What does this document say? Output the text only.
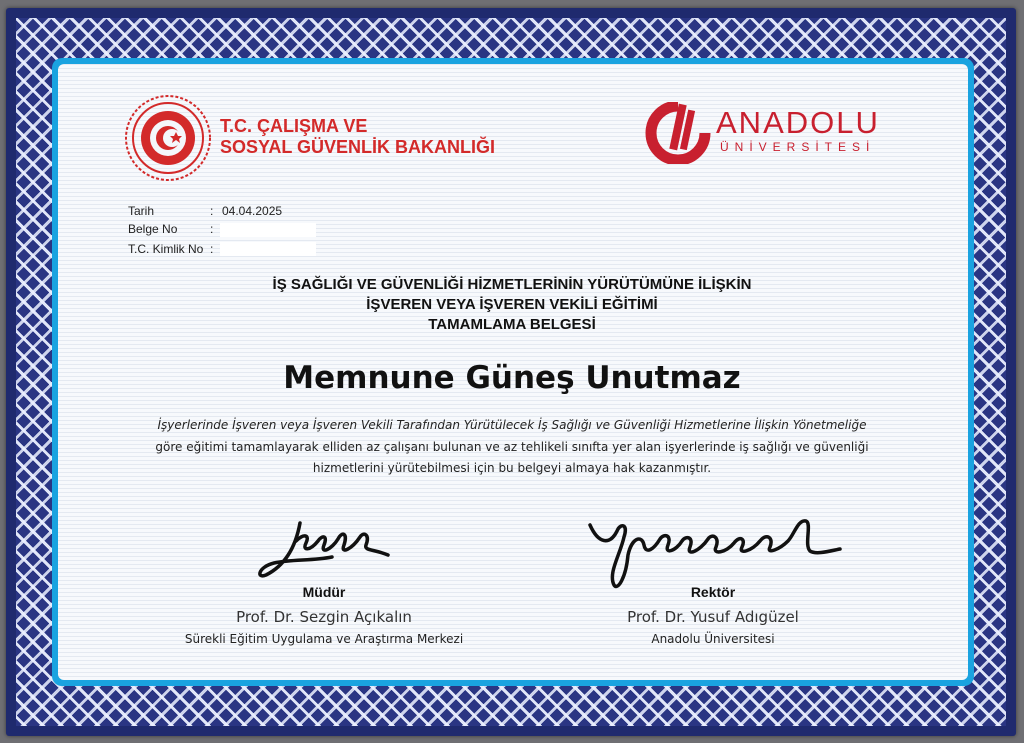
T.C. ÇALIŞMA VE
SOSYAL GÜVENLİK BAKANLIĞI
ANADOLU
ÜNİVERSİTESİ
Tarih	: 04.04.2025
Belge No	:
T.C. Kimlik No :
İŞ SAĞLIĞI VE GÜVENLİĞİ HİZMETLERİNİN YÜRÜTÜMÜNE İLİŞKİN
İŞVEREN VEYA İŞVEREN VEKİLİ EĞİTİMİ
TAMAMLAMA BELGESİ
Memnune Güneş Unutmaz
İşyerlerinde İşveren veya İşveren Vekili Tarafından Yürütülecek İş Sağlığı ve Güvenliği Hizmetlerine İlişkin Yönetmeliğe
göre eğitimi tamamlayarak elliden az çalışanı bulunan ve az tehlikeli sınıfta yer alan işyerlerinde iş sağlığı ve güvenliği
hizmetlerini yürütebilmesi için bu belgeyi almaya hak kazanmıştır.
Müdür
Prof. Dr. Sezgin Açıkalın
Sürekli Eğitim Uygulama ve Araştırma Merkezi
Rektör
Prof. Dr. Yusuf Adıgüzel
Anadolu Üniversitesi
